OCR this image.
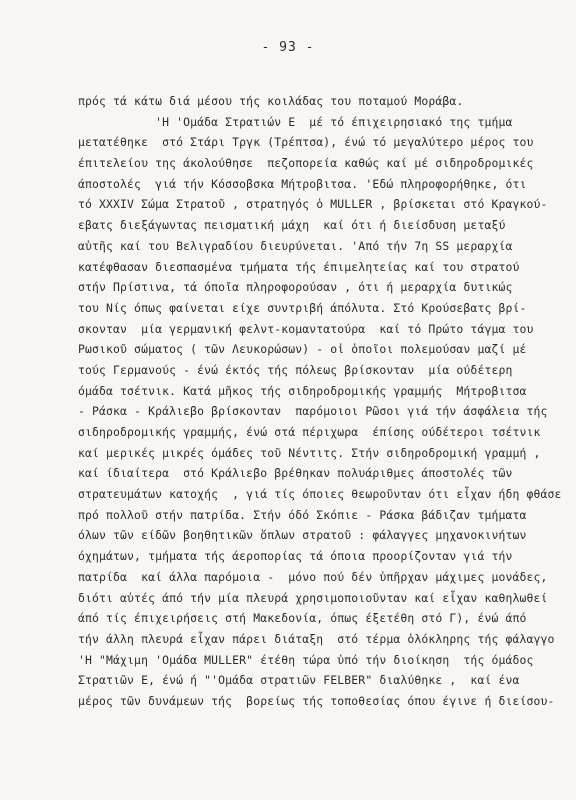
- 93 -
πρός τά κάτω διά μέσου τής κοιλάδας του ποταμού Μοράβα.
'Η 'Ομάδα Στρατιών Ε  μέ τό έπιχειρησιακό της τμήμα
μετατέθηκε  στό Στάρι Τργκ (Τρέπτσα), ένώ τό μεγαλύτερο μέρος του
έπιτελείου της άκολούθησε  πεζοπορεία καθώς καί μέ σιδηροδρομικές
άποστολές  γιά τήν Κόσσοβσκα Μήτροβιτσα. 'Εδώ πληροφορήθηκε, ότι
τό XXXIV Σώμα Στρατοῦ , στρατηγός ὁ MULLER , βρίσκεται στό Κραγκού-
εβατς διεξάγωντας πεισματική μάχη  καί ότι ή διείσδυση μεταξύ
αὐτῆς καί του Βελιγραδίου διευρύνεται. 'Από τήν 7η SS μεραρχία
κατέφθασαν διεσπασμένα τμήματα τής έπιμελητείας καί του στρατού
στήν Πρίστινα, τά όποῖα πληροφορούσαν , ότι ή μεραρχία δυτικώς
του Νίς όπως φαίνεται είχε συντριβή άπόλυτα. Στό Κρούσεβατς βρί-
σκονταν  μία γερμανική φελντ-κομαντατούρα  καί τό Πρώτο τάγμα του
Ρωσικοῦ σώματος ( τῶν Λευκορώσων) - οἱ ὁποῖοι πολεμούσαν μαζί μέ
τούς Γερμανούς - ένώ έκτός τής πόλεως βρίσκονταν  μία ούδέτερη
όμάδα τσέτνικ. Κατά μῆκος τής σιδηροδρομικής γραμμής  Μήτροβιτσα
- Ράσκα - Κράλιεβο βρίσκονταν  παρόμοιοι Ρῶσοι γιά τήν άσφάλεια τής
σιδηροδρομικής γραμμής, ένώ στά πέριχωρα  έπίσης ούδέτεροι τσέτνικ
καί μερικές μικρές όμάδες τοῦ Νέντιτς. Στήν σιδηροδρομική γραμμή ,
καί ίδιαίτερα  στό Κράλιεβο βρέθηκαν πολυάριθμες άποστολές τῶν
στρατευμάτων κατοχής  , γιά τίς όποιες θεωροῦνταν ότι εἶχαν ήδη φθάσε
πρό πολλοῦ στήν πατρίδα. Στήν όδό Σκόπιε - Ράσκα βάδιζαν τμήματα
όλων τῶν είδῶν βοηθητικῶν ὅπλων στρατοῦ : φάλαγγες μηχανοκινήτων
όχημάτων, τμήματα τής άεροπορίας τά όποια προορίζονταν γιά τήν
πατρίδα  καί άλλα παρόμοια -  μόνο πού δέν ὑπῆρχαν μάχιμες μονάδες,
διότι αὐτές άπό τήν μία πλευρά χρησιμοποιοῦνταν καί εἶχαν καθηλωθεί
άπό τίς έπιχειρήσεις στή Μακεδονία, όπως έξετέθη στό Γ), ένώ άπό
τήν άλλη πλευρά εἶχαν πάρει διάταξη  στό τέρμα ὁλόκληρης τής φάλαγγο
'Η "Μάχιμη 'Ομάδα MULLER" έτέθη τώρα ὑπό τήν διοίκηση  τής όμάδος
Στρατιῶν Ε, ένώ ή "'Ομάδα στρατιῶν FELBER" διαλύθηκε ,  καί ένα
μέρος τῶν δυνάμεων τής  βορείως τής τοποθεσίας όπου έγινε ή διείσου-
